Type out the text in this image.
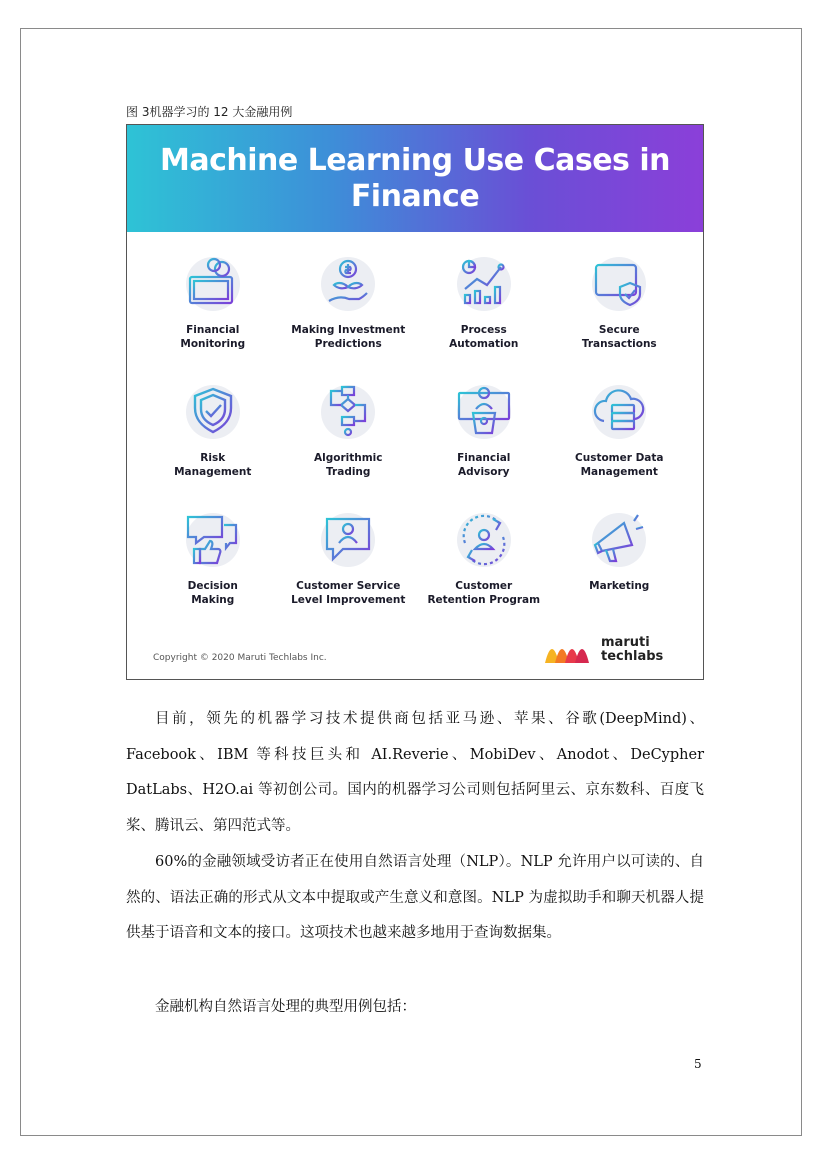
图 3机器学习的 12 大金融用例
Machine Learning Use Cases in Finance
Financial
Monitoring
Making Investment
Predictions
Process
Automation
Secure
Transactions
Risk
Management
Algorithmic
Trading
Financial
Advisory
Customer Data
Management
Decision
Making
Customer Service
Level Improvement
Customer
Retention Program
Marketing
Copyright © 2020 Maruti Techlabs Inc.
maruti
techlabs
目前，领先的机器学习技术提供商包括亚马逊、苹果、谷歌(DeepMind)、Facebook、IBM 等科技巨头和 AI.Reverie、MobiDev、Anodot、DeCypher DatLabs、H2O.ai 等初创公司。国内的机器学习公司则包括阿里云、京东数科、百度飞桨、腾讯云、第四范式等。
60%的金融领域受访者正在使用自然语言处理（NLP）。NLP 允许用户以可读的、自然的、语法正确的形式从文本中提取或产生意义和意图。NLP 为虚拟助手和聊天机器人提供基于语音和文本的接口。这项技术也越来越多地用于查询数据集。
金融机构自然语言处理的典型用例包括：
5
